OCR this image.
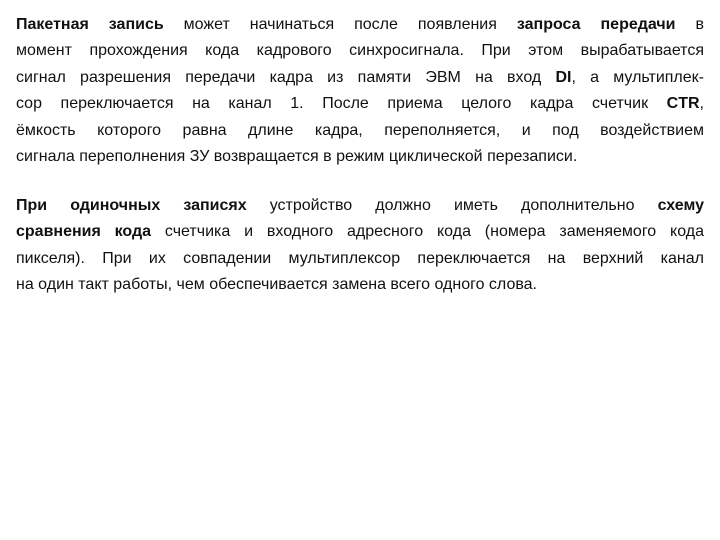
Пакетная запись может начинаться после появления запроса передачи в
момент прохождения кода кадрового синхросигнала. При этом вырабатывается
сигнал разрешения передачи кадра из памяти ЭВМ на вход DI, а мультиплек-
сор переключается на канал 1. После приема целого кадра счетчик CTR,
ёмкость которого равна длине кадра, переполняется, и под воздействием
сигнала переполнения ЗУ возвращается в режим циклической перезаписи.
При одиночных записях устройство должно иметь дополнительно схему
сравнения кода счетчика и входного адресного кода (номера заменяемого кода
пикселя). При их совпадении мультиплексор переключается на верхний канал
на один такт работы, чем обеспечивается замена всего одного слова.
